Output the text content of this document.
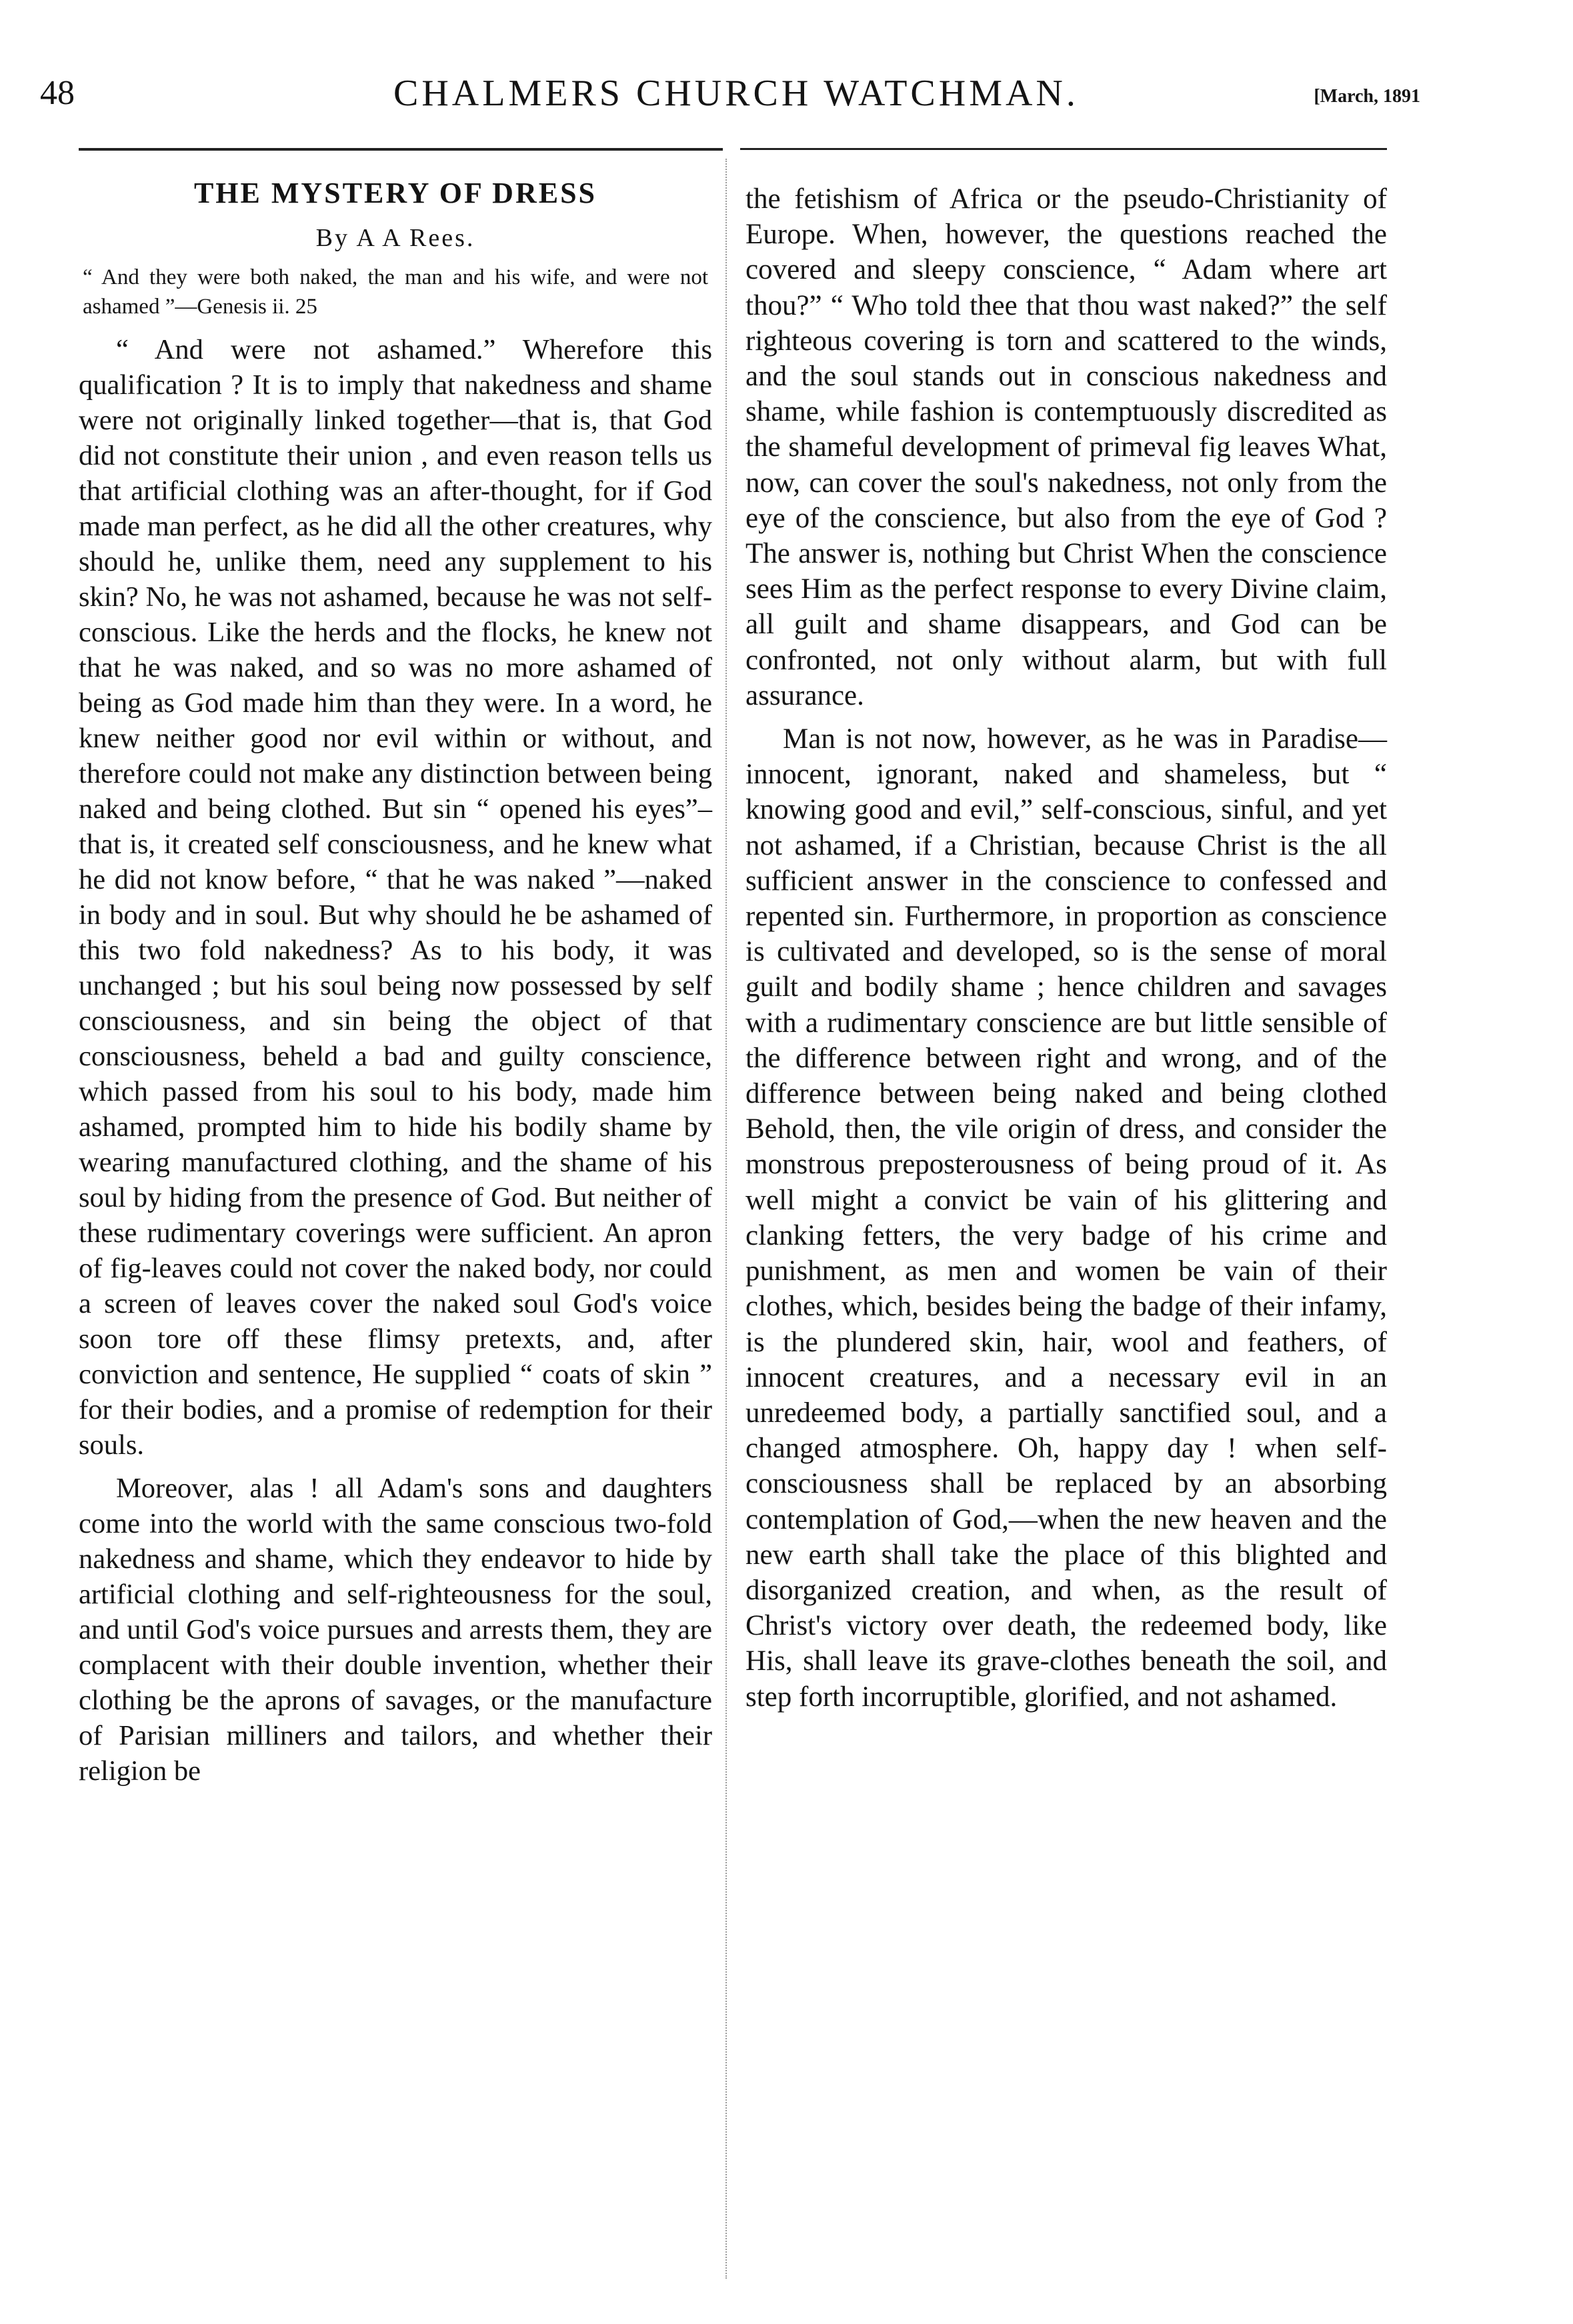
48	CHALMERS CHURCH WATCHMAN.	[March, 1891
THE MYSTERY OF DRESS
By A A Rees.

“ And they were both naked, the man and his wife, and were not ashamed ”—Genesis ii. 25

“ And were not ashamed.” Wherefore this qualification ? It is to imply that nakedness and shame were not originally linked together—that is, that God did not constitute their union , and even reason tells us that artificial clothing was an after-thought, for if God made man perfect, as he did all the other creatures, why should he, unlike them, need any supplement to his skin? No, he was not ashamed, because he was not self-conscious. Like the herds and the flocks, he knew not that he was naked, and so was no more ashamed of being as God made him than they were. In a word, he knew neither good nor evil within or without, and therefore could not make any distinction between being naked and being clothed. But sin “ opened his eyes”– that is, it created self consciousness, and he knew what he did not know before, “ that he was naked ”—naked in body and in soul. But why should he be ashamed of this two fold nakedness? As to his body, it was unchanged ; but his soul being now possessed by self consciousness, and sin being the object of that consciousness, beheld a bad and guilty conscience, which passed from his soul to his body, made him ashamed, prompted him to hide his bodily shame by wearing manufactured clothing, and the shame of his soul by hiding from the presence of God. But neither of these rudimentary coverings were sufficient. An apron of fig-leaves could not cover the naked body, nor could a screen of leaves cover the naked soul God's voice soon tore off these flimsy pretexts, and, after conviction and sentence, He supplied “ coats of skin ” for their bodies, and a promise of redemption for their souls.

Moreover, alas ! all Adam's sons and daughters come into the world with the same conscious two-fold nakedness and shame, which they endeavor to hide by artificial clothing and self-righteousness for the soul, and until God's voice pursues and arrests them, they are complacent with their double invention, whether their clothing be the aprons of savages, or the manufacture of Parisian milliners and tailors, and whether their religion be

the fetishism of Africa or the pseudo-Christianity of Europe. When, however, the questions reached the covered and sleepy conscience, “ Adam where art thou?” “ Who told thee that thou wast naked?” the self righteous covering is torn and scattered to the winds, and the soul stands out in conscious nakedness and shame, while fashion is contemptuously discredited as the shameful development of primeval fig leaves What, now, can cover the soul's nakedness, not only from the eye of the conscience, but also from the eye of God ? The answer is, nothing but Christ When the conscience sees Him as the perfect response to every Divine claim, all guilt and shame disappears, and God can be confronted, not only without alarm, but with full assurance.

Man is not now, however, as he was in Paradise—innocent, ignorant, naked and shameless, but “ knowing good and evil,” self-conscious, sinful, and yet not ashamed, if a Christian, because Christ is the all sufficient answer in the conscience to confessed and repented sin. Furthermore, in proportion as conscience is cultivated and developed, so is the sense of moral guilt and bodily shame ; hence children and savages with a rudimentary conscience are but little sensible of the difference between right and wrong, and of the difference between being naked and being clothed Behold, then, the vile origin of dress, and consider the monstrous preposterousness of being proud of it. As well might a convict be vain of his glittering and clanking fetters, the very badge of his crime and punishment, as men and women be vain of their clothes, which, besides being the badge of their infamy, is the plundered skin, hair, wool and feathers, of innocent creatures, and a necessary evil in an unredeemed body, a partially sanctified soul, and a changed atmosphere. Oh, happy day ! when self-consciousness shall be replaced by an absorbing contemplation of God,—when the new heaven and the new earth shall take the place of this blighted and disorganized creation, and when, as the result of Christ's victory over death, the redeemed body, like His, shall leave its grave-clothes beneath the soil, and step forth incorruptible, glorified, and not ashamed.
